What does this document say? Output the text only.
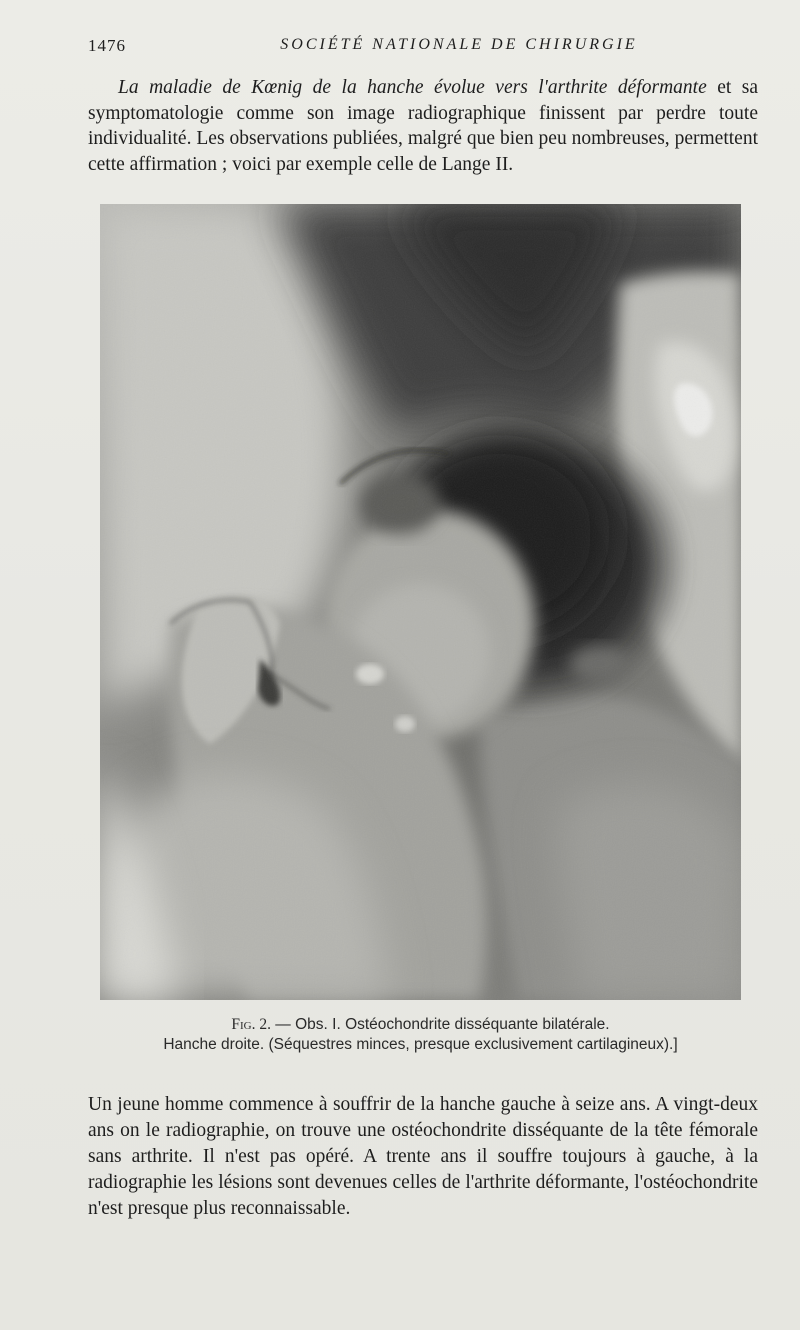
1476	SOCIÉTÉ NATIONALE DE CHIRURGIE

La maladie de Kœnig de la hanche évolue vers l'arthrite déformante et sa symptomatologie comme son image radiographique finissent par perdre toute individualité. Les observations publiées, malgré que bien peu nombreuses, permettent cette affirmation ; voici par exemple celle de Lange II.

Fig. 2. — Obs. I. Ostéochondrite disséquante bilatérale.
Hanche droite. (Séquestres minces, presque exclusivement cartilagineux).]

Un jeune homme commence à souffrir de la hanche gauche à seize ans. A vingt-deux ans on le radiographie, on trouve une ostéochondrite disséquante de la tête fémorale sans arthrite. Il n'est pas opéré. A trente ans il souffre toujours à gauche, à la radiographie les lésions sont devenues celles de l'arthrite déformante, l'ostéochondrite n'est presque plus reconnaissable.
